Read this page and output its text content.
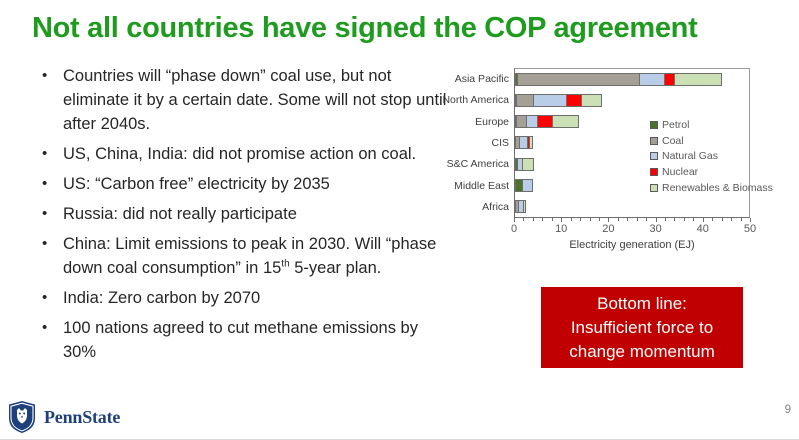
Not all countries have signed the COP agreement
• Countries will “phase down” coal use, but not eliminate it by a certain date. Some will not stop until after 2040s.
• US, China, India: did not promise action on coal.
• US: “Carbon free” electricity by 2035
• Russia: did not really participate
• China: Limit emissions to peak in 2030. Will “phase down coal consumption” in 15th 5-year plan.
• India: Zero carbon by 2070
• 100 nations agreed to cut methane emissions by 30%
Asia Pacific
North America
Europe
CIS
S&C America
Middle East
Africa
0	10	20	30	40	50
Electricity generation (EJ)
Petrol
Coal
Natural Gas
Nuclear
Renewables & Biomass
Bottom line:
Insufficient force to
change momentum
PennState	9
